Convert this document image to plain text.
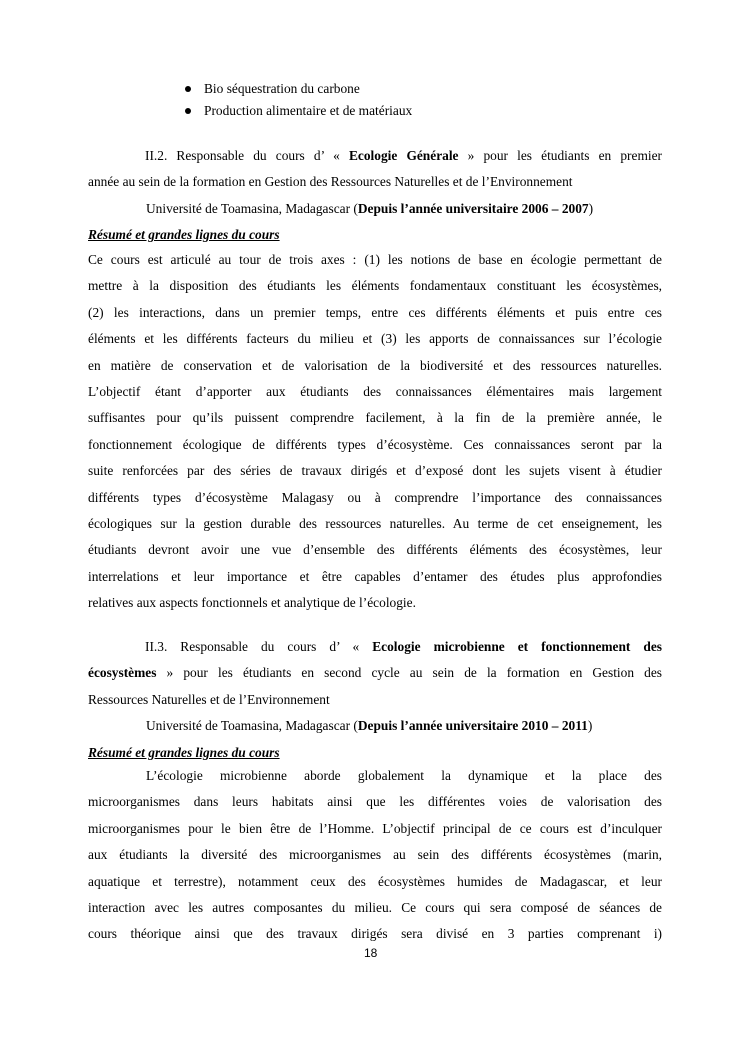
Bio séquestration du carbone
Production alimentaire et de matériaux
II.2. Responsable du cours d’ « Ecologie Générale » pour les étudiants en premier
année au sein de la formation en Gestion des Ressources Naturelles et de l’Environnement
Université de Toamasina, Madagascar (Depuis l’année universitaire 2006 – 2007)
Résumé et grandes lignes du cours
Ce cours est articulé au tour de trois axes : (1) les notions de base en écologie permettant de
mettre à la disposition des étudiants les éléments fondamentaux constituant les écosystèmes,
(2) les interactions, dans un premier temps, entre ces différents éléments et puis entre ces
éléments et les différents facteurs du milieu et (3) les apports de connaissances sur l’écologie
en matière de conservation et de valorisation de la biodiversité et des ressources naturelles.
L’objectif étant d’apporter aux étudiants des connaissances élémentaires mais largement
suffisantes pour qu’ils puissent comprendre facilement, à la fin de la première année, le
fonctionnement écologique de différents types d’écosystème. Ces connaissances seront par la
suite renforcées par des séries de travaux dirigés et d’exposé dont les sujets visent à étudier
différents types d’écosystème Malagasy ou à comprendre l’importance des connaissances
écologiques sur la gestion durable des ressources naturelles. Au terme de cet enseignement, les
étudiants devront avoir une vue d’ensemble des différents éléments des écosystèmes, leur
interrelations et leur importance et être capables d’entamer des études plus approfondies
relatives aux aspects fonctionnels et analytique de l’écologie.
II.3. Responsable du cours d’ « Ecologie microbienne et fonctionnement des
écosystèmes » pour les étudiants en second cycle au sein de la formation en Gestion des
Ressources Naturelles et de l’Environnement
Université de Toamasina, Madagascar (Depuis l’année universitaire 2010 – 2011)
Résumé et grandes lignes du cours
L’écologie microbienne aborde globalement la dynamique et la place des
microorganismes dans leurs habitats ainsi que les différentes voies de valorisation des
microorganismes pour le bien être de l’Homme. L’objectif principal de ce cours est d’inculquer
aux étudiants la diversité des microorganismes au sein des différents écosystèmes (marin,
aquatique et terrestre), notamment ceux des écosystèmes humides de Madagascar, et leur
interaction avec les autres composantes du milieu. Ce cours qui sera composé de séances de
cours théorique ainsi que des travaux dirigés sera divisé en 3 parties comprenant i)
18
